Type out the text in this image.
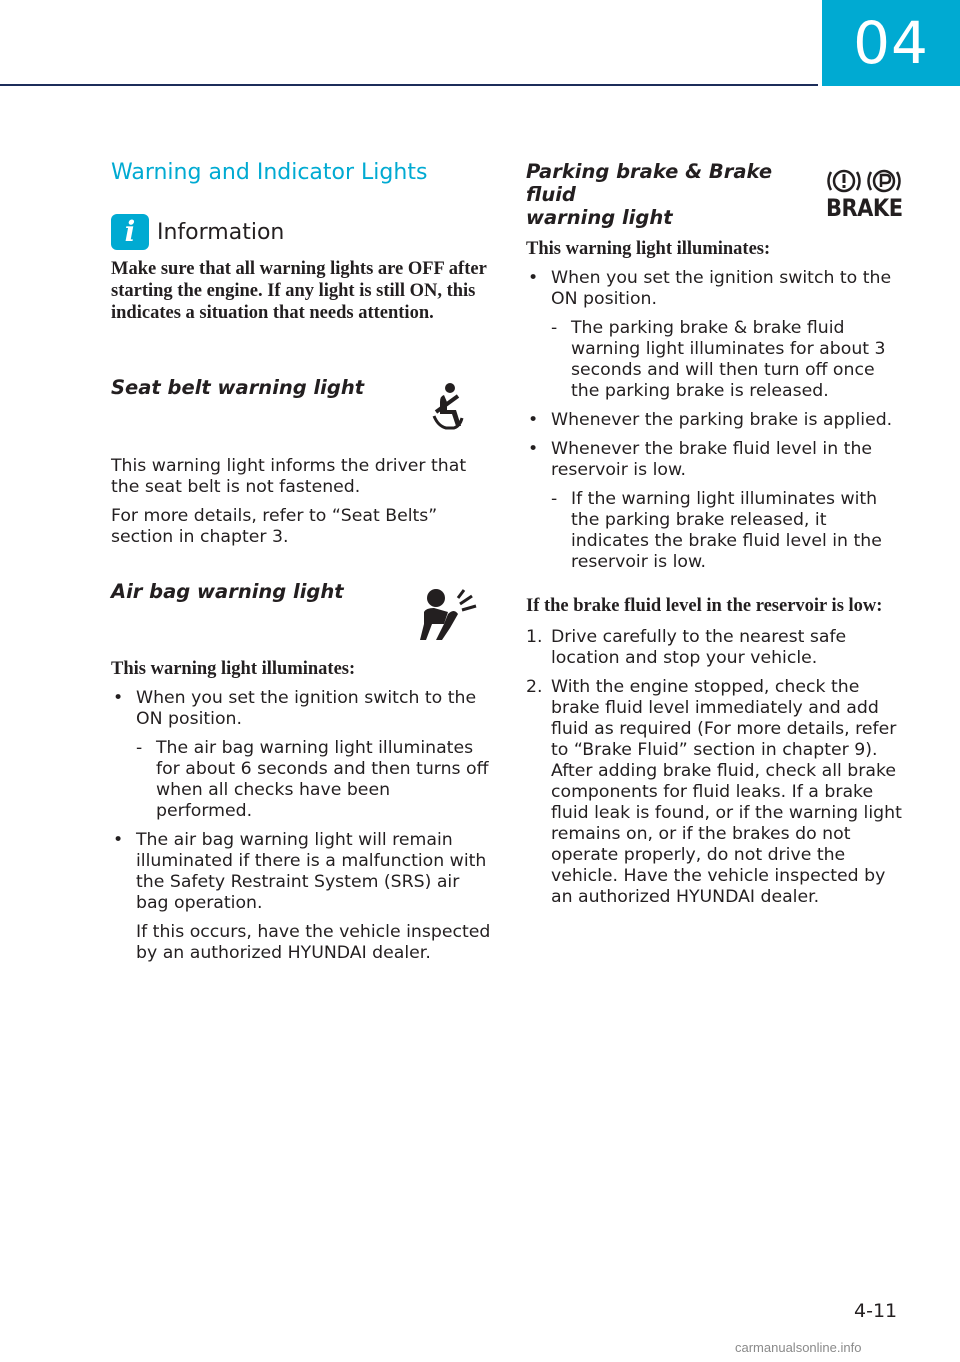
04
Warning and Indicator Lights
i Information
Make sure that all warning lights are OFF after starting the engine. If any light is still ON, this indicates a situation that needs attention.
Seat belt warning light

This warning light informs the driver that the seat belt is not fastened.

For more details, refer to “Seat Belts” section in chapter 3.

Air bag warning light
This warning light illuminates:
• When you set the ignition switch to the ON position.
- The air bag warning light illuminates for about 6 seconds and then turns off when all checks have been performed.
• The air bag warning light will remain illuminated if there is a malfunction with the Safety Restraint System (SRS) air bag operation.
If this occurs, have the vehicle inspected by an authorized HYUNDAI dealer.
Parking brake & Brake fluid
warning light	BRAKE
This warning light illuminates:
• When you set the ignition switch to the ON position.
- The parking brake & brake fluid warning light illuminates for about 3 seconds and will then turn off once the parking brake is released.
• Whenever the parking brake is applied.
• Whenever the brake fluid level in the reservoir is low.
- If the warning light illuminates with the parking brake released, it indicates the brake fluid level in the reservoir is low.
If the brake fluid level in the reservoir is low:
1. Drive carefully to the nearest safe location and stop your vehicle.
2. With the engine stopped, check the brake fluid level immediately and add fluid as required (For more details, refer to “Brake Fluid” section in chapter 9). After adding brake fluid, check all brake components for fluid leaks. If a brake fluid leak is found, or if the warning light remains on, or if the brakes do not operate properly, do not drive the vehicle. Have the vehicle inspected by an authorized HYUNDAI dealer.
4-11
carmanualsonline.info
